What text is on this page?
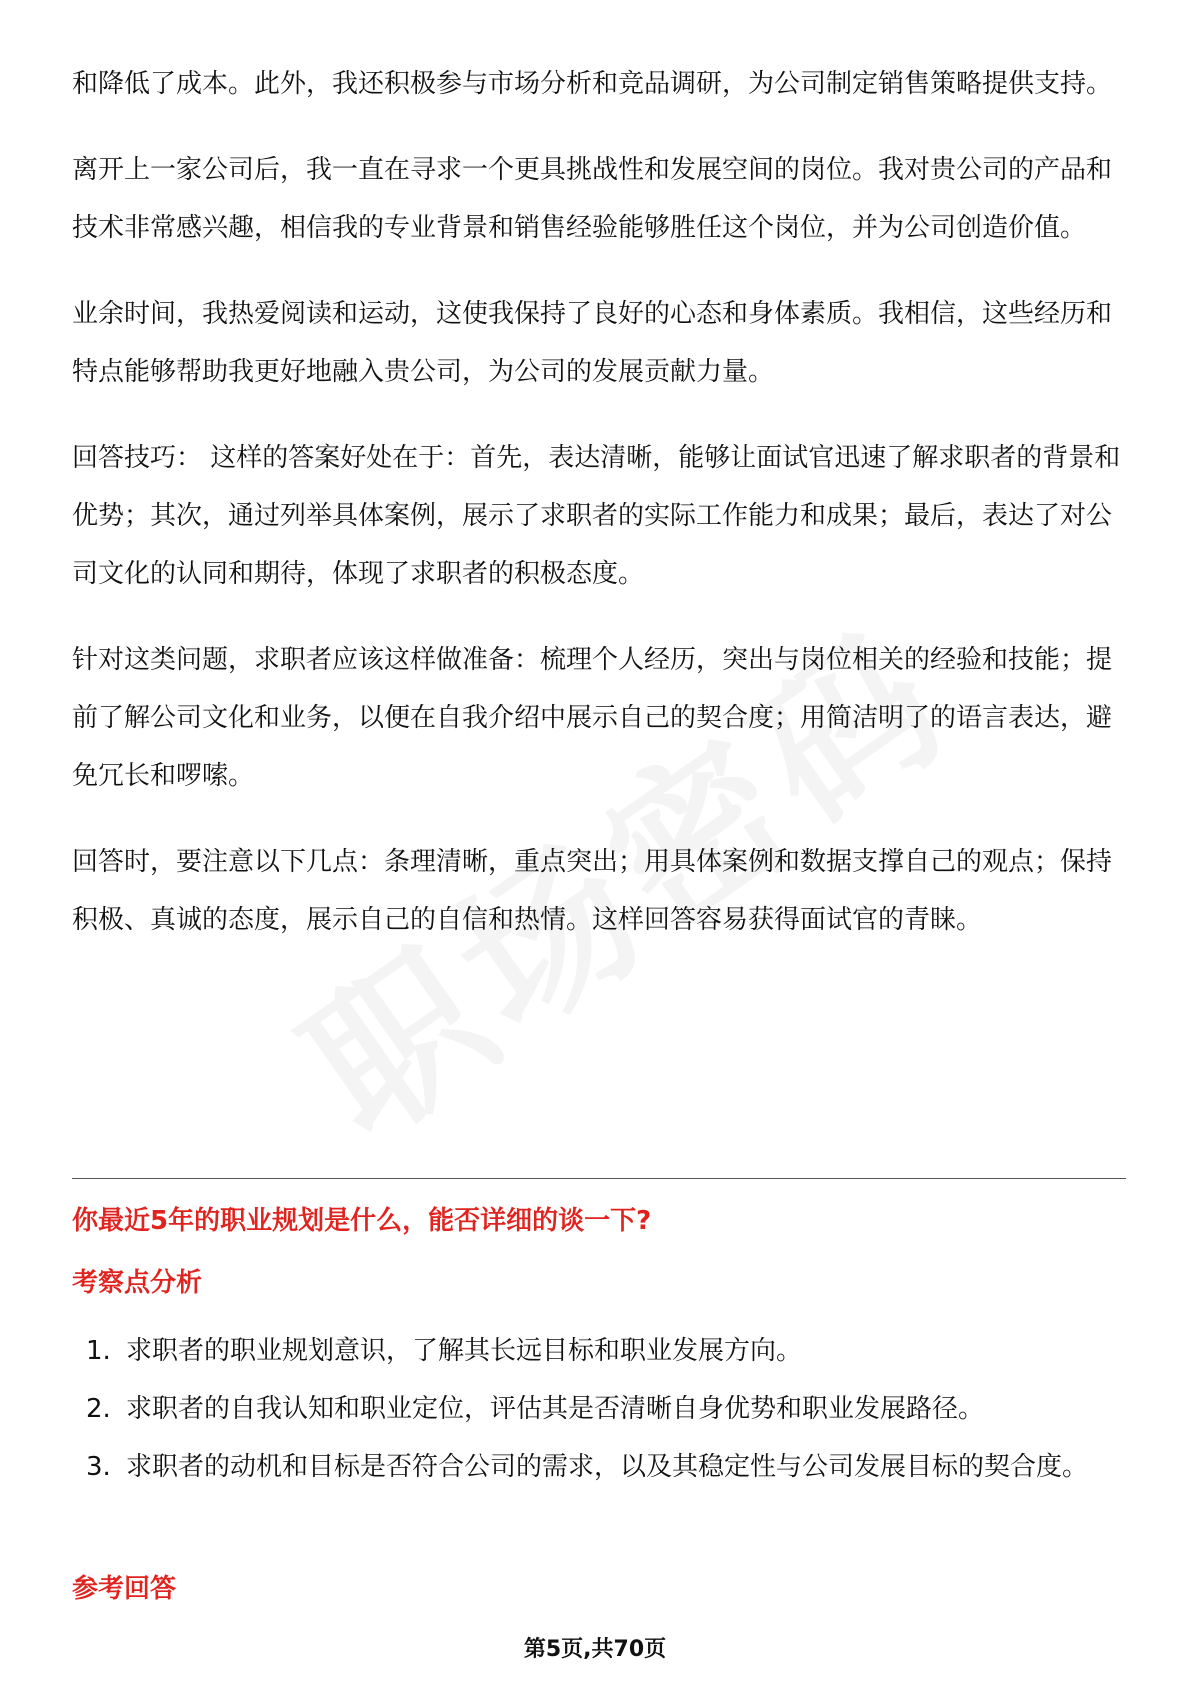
和降低了成本。此外，我还积极参与市场分析和竞品调研，为公司制定销售策略提供支持。

离开上一家公司后，我一直在寻求一个更具挑战性和发展空间的岗位。我对贵公司的产品和技术非常感兴趣，相信我的专业背景和销售经验能够胜任这个岗位，并为公司创造价值。

业余时间，我热爱阅读和运动，这使我保持了良好的心态和身体素质。我相信，这些经历和特点能够帮助我更好地融入贵公司，为公司的发展贡献力量。

回答技巧： 这样的答案好处在于：首先，表达清晰，能够让面试官迅速了解求职者的背景和优势；其次，通过列举具体案例，展示了求职者的实际工作能力和成果；最后，表达了对公司文化的认同和期待，体现了求职者的积极态度。

针对这类问题，求职者应该这样做准备：梳理个人经历，突出与岗位相关的经验和技能；提前了解公司文化和业务，以便在自我介绍中展示自己的契合度；用简洁明了的语言表达，避免冗长和啰嗦。

回答时，要注意以下几点：条理清晰，重点突出；用具体案例和数据支撑自己的观点；保持积极、真诚的态度，展示自己的自信和热情。这样回答容易获得面试官的青睐。

你最近5年的职业规划是什么，能否详细的谈一下?
考察点分析
1. 求职者的职业规划意识，了解其长远目标和职业发展方向。
2. 求职者的自我认知和职业定位，评估其是否清晰自身优势和职业发展路径。
3. 求职者的动机和目标是否符合公司的需求，以及其稳定性与公司发展目标的契合度。
参考回答
第5页,共70页
